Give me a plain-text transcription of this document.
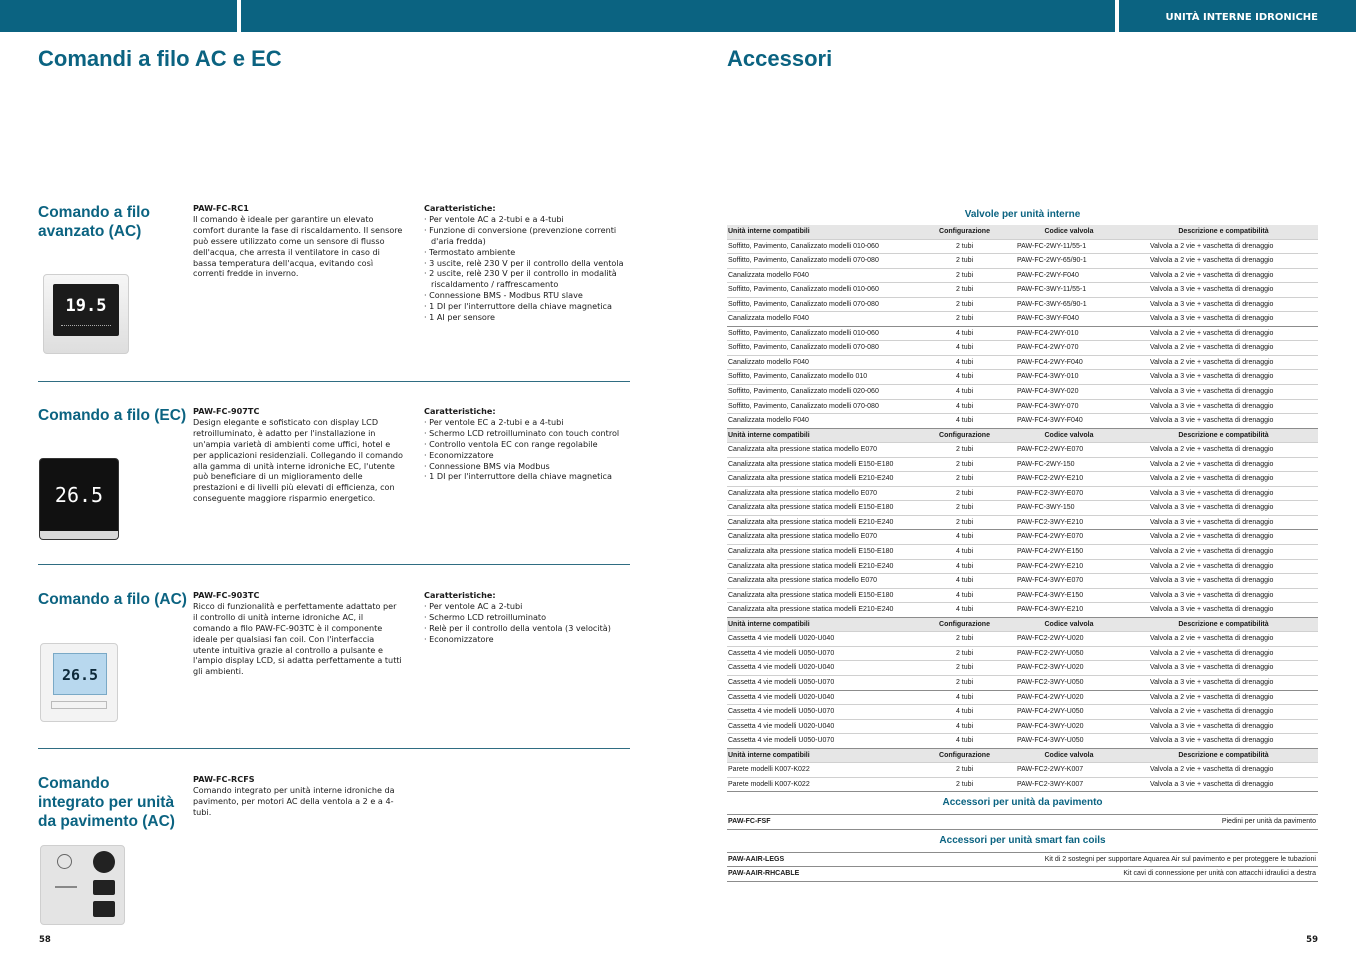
UNITÀ INTERNE IDRONICHE
Comandi a filo AC e EC	Accessori
Comando a filo avanzato (AC)
PAW-FC-RC1
Il comando è ideale per garantire un elevato comfort durante la fase di riscaldamento. Il sensore può essere utilizzato come un sensore di flusso dell'acqua, che arresta il ventilatore in caso di bassa temperatura dell'acqua, evitando così correnti fredde in inverno.
Caratteristiche:
· Per ventole AC a 2-tubi e a 4-tubi
· Funzione di conversione (prevenzione correnti d'aria fredda)
· Termostato ambiente
· 3 uscite, relè 230 V per il controllo della ventola
· 2 uscite, relè 230 V per il controllo in modalità riscaldamento / raffrescamento
· Connessione BMS - Modbus RTU slave
· 1 DI per l'interruttore della chiave magnetica
· 1 AI per sensore
19.5
Comando a filo (EC) PAW-FC-907TC
Design elegante e sofisticato con display LCD retroilluminato, è adatto per l'installazione in un'ampia varietà di ambienti come uffici, hotel e per applicazioni residenziali. Collegando il comando alla gamma di unità interne idroniche EC, l'utente può beneficiare di un miglioramento delle prestazioni e di livelli più elevati di efficienza, con conseguente maggiore risparmio energetico.
Caratteristiche:
· Per ventole EC a 2-tubi e a 4-tubi
· Schermo LCD retroilluminato con touch control
· Controllo ventola EC con range regolabile
· Economizzatore
· Connessione BMS via Modbus
· 1 DI per l'interruttore della chiave magnetica
26.5
Comando a filo (AC) PAW-FC-903TC
Ricco di funzionalità e perfettamente adattato per il controllo di unità interne idroniche AC, il comando a filo PAW-FC-903TC è il componente ideale per qualsiasi fan coil. Con l'interfaccia utente intuitiva grazie al controllo a pulsante e l'ampio display LCD, si adatta perfettamente a tutti gli ambienti.
Caratteristiche:
· Per ventole AC a 2-tubi
· Schermo LCD retroilluminato
· Relè per il controllo della ventola (3 velocità)
· Economizzatore
26.5
Comando integrato per unità da pavimento (AC)
PAW-FC-RCFS
Comando integrato per unità interne idroniche da pavimento, per motori AC della ventola a 2 e a 4-tubi.
58	59
Valvole per unità interne
Unità interne compatibili	Configurazione	Codice valvola	Descrizione e compatibilità
Soffitto, Pavimento, Canalizzato modelli 010-060	2 tubi	PAW-FC-2WY-11/55-1	Valvola a 2 vie + vaschetta di drenaggio
Soffitto, Pavimento, Canalizzato modelli 070-080	2 tubi	PAW-FC-2WY-65/90-1	Valvola a 2 vie + vaschetta di drenaggio
Canalizzata modello F040	2 tubi	PAW-FC-2WY-F040	Valvola a 2 vie + vaschetta di drenaggio
Soffitto, Pavimento, Canalizzato modelli 010-060	2 tubi	PAW-FC-3WY-11/55-1	Valvola a 3 vie + vaschetta di drenaggio
Soffitto, Pavimento, Canalizzato modelli 070-080	2 tubi	PAW-FC-3WY-65/90-1	Valvola a 3 vie + vaschetta di drenaggio
Canalizzata modello F040	2 tubi	PAW-FC-3WY-F040	Valvola a 3 vie + vaschetta di drenaggio
Soffitto, Pavimento, Canalizzato modelli 010-060	4 tubi	PAW-FC4-2WY-010	Valvola a 2 vie + vaschetta di drenaggio
Soffitto, Pavimento, Canalizzato modelli 070-080	4 tubi	PAW-FC4-2WY-070	Valvola a 2 vie + vaschetta di drenaggio
Canalizzato modello F040	4 tubi	PAW-FC4-2WY-F040	Valvola a 2 vie + vaschetta di drenaggio
Soffitto, Pavimento, Canalizzato modello 010	4 tubi	PAW-FC4-3WY-010	Valvola a 3 vie + vaschetta di drenaggio
Soffitto, Pavimento, Canalizzato modelli 020-060	4 tubi	PAW-FC4-3WY-020	Valvola a 3 vie + vaschetta di drenaggio
Soffitto, Pavimento, Canalizzato modelli 070-080	4 tubi	PAW-FC4-3WY-070	Valvola a 3 vie + vaschetta di drenaggio
Canalizzata modello F040	4 tubi	PAW-FC4-3WY-F040	Valvola a 3 vie + vaschetta di drenaggio
Unità interne compatibili	Configurazione	Codice valvola	Descrizione e compatibilità
Canalizzata alta pressione statica modello E070	2 tubi	PAW-FC2-2WY-E070	Valvola a 2 vie + vaschetta di drenaggio
Canalizzata alta pressione statica modelli E150-E180	2 tubi	PAW-FC-2WY-150	Valvola a 2 vie + vaschetta di drenaggio
Canalizzata alta pressione statica modelli E210-E240	2 tubi	PAW-FC2-2WY-E210	Valvola a 2 vie + vaschetta di drenaggio
Canalizzata alta pressione statica modello E070	2 tubi	PAW-FC2-3WY-E070	Valvola a 3 vie + vaschetta di drenaggio
Canalizzata alta pressione statica modelli E150-E180	2 tubi	PAW-FC-3WY-150	Valvola a 3 vie + vaschetta di drenaggio
Canalizzata alta pressione statica modelli E210-E240	2 tubi	PAW-FC2-3WY-E210	Valvola a 3 vie + vaschetta di drenaggio
Canalizzata alta pressione statica modello E070	4 tubi	PAW-FC4-2WY-E070	Valvola a 2 vie + vaschetta di drenaggio
Canalizzata alta pressione statica modelli E150-E180	4 tubi	PAW-FC4-2WY-E150	Valvola a 2 vie + vaschetta di drenaggio
Canalizzata alta pressione statica modelli E210-E240	4 tubi	PAW-FC4-2WY-E210	Valvola a 2 vie + vaschetta di drenaggio
Canalizzata alta pressione statica modello E070	4 tubi	PAW-FC4-3WY-E070	Valvola a 3 vie + vaschetta di drenaggio
Canalizzata alta pressione statica modelli E150-E180	4 tubi	PAW-FC4-3WY-E150	Valvola a 3 vie + vaschetta di drenaggio
Canalizzata alta pressione statica modelli E210-E240	4 tubi	PAW-FC4-3WY-E210	Valvola a 3 vie + vaschetta di drenaggio
Unità interne compatibili	Configurazione	Codice valvola	Descrizione e compatibilità
Cassetta 4 vie modelli U020-U040	2 tubi	PAW-FC2-2WY-U020	Valvola a 2 vie + vaschetta di drenaggio
Cassetta 4 vie modelli U050-U070	2 tubi	PAW-FC2-2WY-U050	Valvola a 2 vie + vaschetta di drenaggio
Cassetta 4 vie modelli U020-U040	2 tubi	PAW-FC2-3WY-U020	Valvola a 3 vie + vaschetta di drenaggio
Cassetta 4 vie modelli U050-U070	2 tubi	PAW-FC2-3WY-U050	Valvola a 3 vie + vaschetta di drenaggio
Cassetta 4 vie modelli U020-U040	4 tubi	PAW-FC4-2WY-U020	Valvola a 2 vie + vaschetta di drenaggio
Cassetta 4 vie modelli U050-U070	4 tubi	PAW-FC4-2WY-U050	Valvola a 2 vie + vaschetta di drenaggio
Cassetta 4 vie modelli U020-U040	4 tubi	PAW-FC4-3WY-U020	Valvola a 3 vie + vaschetta di drenaggio
Cassetta 4 vie modelli U050-U070	4 tubi	PAW-FC4-3WY-U050	Valvola a 3 vie + vaschetta di drenaggio
Unità interne compatibili	Configurazione	Codice valvola	Descrizione e compatibilità
Parete modelli K007-K022	2 tubi	PAW-FC2-2WY-K007	Valvola a 2 vie + vaschetta di drenaggio
Parete modelli K007-K022	2 tubi	PAW-FC2-3WY-K007	Valvola a 3 vie + vaschetta di drenaggio
Accessori per unità da pavimento
PAW-FC-FSF	Piedini per unità da pavimento
Accessori per unità smart fan coils
PAW-AAIR-LEGS	Kit di 2 sostegni per supportare Aquarea Air sul pavimento e per proteggere le tubazioni
PAW-AAIR-RHCABLE	Kit cavi di connessione per unità con attacchi idraulici a destra
